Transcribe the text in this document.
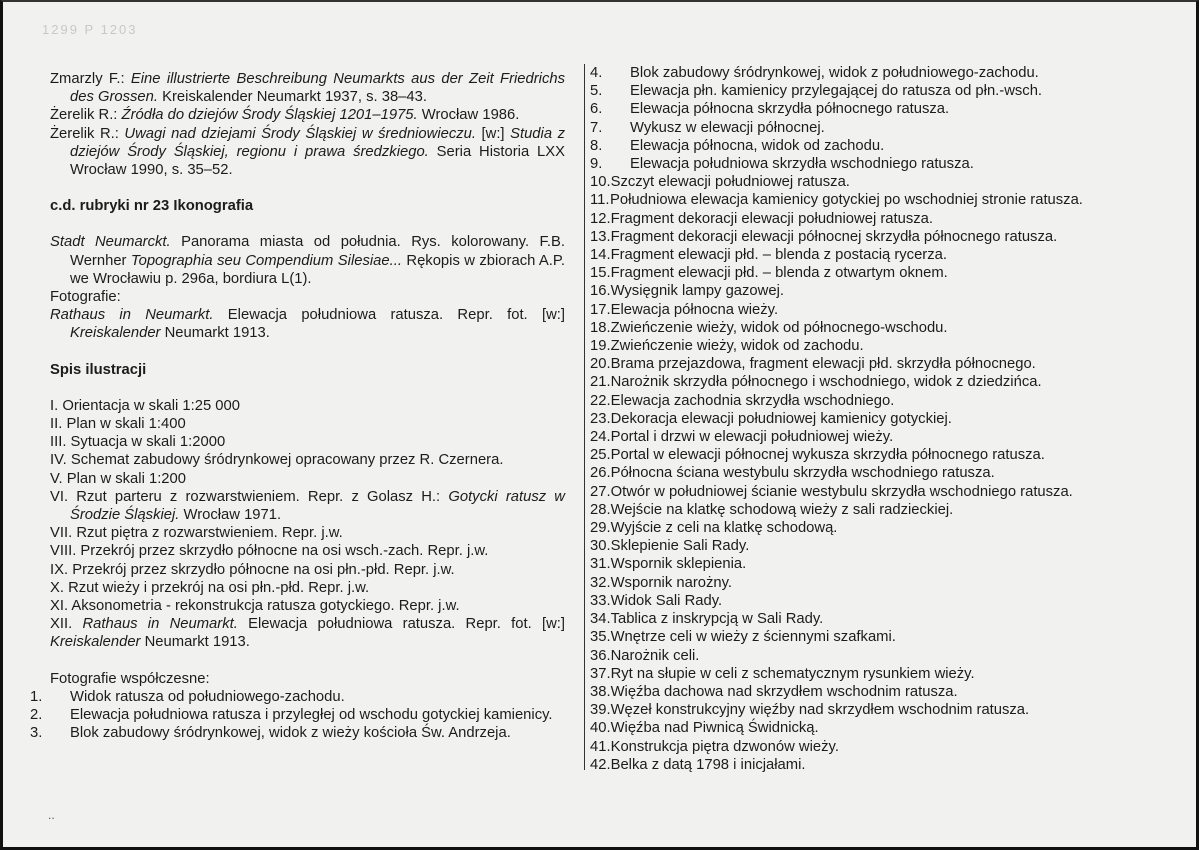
1299 P 1203

Zmarzly F.: Eine illustrierte Beschreibung Neumarkts aus der Zeit Friedrichs des Grossen. Kreiskalender Neumarkt 1937, s. 38–43.

Żerelik R.: Źródła do dziejów Środy Śląskiej 1201–1975. Wrocław 1986.

Żerelik R.: Uwagi nad dziejami Środy Śląskiej w średniowieczu. [w:] Studia z dziejów Środy Śląskiej, regionu i prawa średzkiego. Seria Historia LXX Wrocław 1990, s. 35–52.

c.d. rubryki nr 23 Ikonografia

Stadt Neumarckt. Panorama miasta od południa. Rys. kolorowany. F.B. Wernher Topographia seu Compendium Silesiae... Rękopis w zbiorach A.P. we Wrocławiu p. 296a, bordiura L(1).

Fotografie:

Rathaus in Neumarkt. Elewacja południowa ratusza. Repr. fot. [w:] Kreiskalender Neumarkt 1913.

Spis ilustracji

I. Orientacja w skali 1:25 000

II. Plan w skali 1:400

III. Sytuacja w skali 1:2000

IV. Schemat zabudowy śródrynkowej opracowany przez R. Czernera.

V. Plan w skali 1:200

VI. Rzut parteru z rozwarstwieniem. Repr. z Golasz H.: Gotycki ratusz w Środzie Śląskiej. Wrocław 1971.

VII. Rzut piętra z rozwarstwieniem. Repr. j.w.

VIII. Przekrój przez skrzydło północne na osi wsch.-zach. Repr. j.w.

IX. Przekrój przez skrzydło północne na osi płn.-płd. Repr. j.w.

X. Rzut wieży i przekrój na osi płn.-płd. Repr. j.w.

XI. Aksonometria - rekonstrukcja ratusza gotyckiego. Repr. j.w.

XII. Rathaus in Neumarkt. Elewacja południowa ratusza. Repr. fot. [w:] Kreiskalender Neumarkt 1913.

Fotografie współczesne:

1. Widok ratusza od południowego-zachodu.

2. Elewacja południowa ratusza i przyległej od wschodu gotyckiej kamienicy.

3. Blok zabudowy śródrynkowej, widok z wieży kościoła Św. Andrzeja.

4. Blok zabudowy śródrynkowej, widok z południowego-zachodu.

5. Elewacja płn. kamienicy przylegającej do ratusza od płn.-wsch.

6. Elewacja północna skrzydła północnego ratusza.

7. Wykusz w elewacji północnej.

8. Elewacja północna, widok od zachodu.

9. Elewacja południowa skrzydła wschodniego ratusza.

10.Szczyt elewacji południowej ratusza.

11.Południowa elewacja kamienicy gotyckiej po wschodniej stronie ratusza.

12.Fragment dekoracji elewacji południowej ratusza.

13.Fragment dekoracji elewacji północnej skrzydła północnego ratusza.

14.Fragment elewacji płd. – blenda z postacią rycerza.

15.Fragment elewacji płd. – blenda z otwartym oknem.

16.Wysięgnik lampy gazowej.

17.Elewacja północna wieży.

18.Zwieńczenie wieży, widok od północnego-wschodu.

19.Zwieńczenie wieży, widok od zachodu.

20.Brama przejazdowa, fragment elewacji płd. skrzydła północnego.

21.Narożnik skrzydła północnego i wschodniego, widok z dziedzińca.

22.Elewacja zachodnia skrzydła wschodniego.

23.Dekoracja elewacji południowej kamienicy gotyckiej.

24.Portal i drzwi w elewacji południowej wieży.

25.Portal w elewacji północnej wykusza skrzydła północnego ratusza.

26.Północna ściana westybulu skrzydła wschodniego ratusza.

27.Otwór w południowej ścianie westybulu skrzydła wschodniego ratusza.

28.Wejście na klatkę schodową wieży z sali radzieckiej.

29.Wyjście z celi na klatkę schodową.

30.Sklepienie Sali Rady.

31.Wspornik sklepienia.

32.Wspornik narożny.

33.Widok Sali Rady.

34.Tablica z inskrypcją w Sali Rady.

35.Wnętrze celi w wieży z ściennymi szafkami.

36.Narożnik celi.

37.Ryt na słupie w celi z schematycznym rysunkiem wieży.

38.Więźba dachowa nad skrzydłem wschodnim ratusza.

39.Węzeł konstrukcyjny więźby nad skrzydłem wschodnim ratusza.

40.Więźba nad Piwnicą Świdnicką.

41.Konstrukcja piętra dzwonów wieży.

42.Belka z datą 1798 i inicjałami.

..
